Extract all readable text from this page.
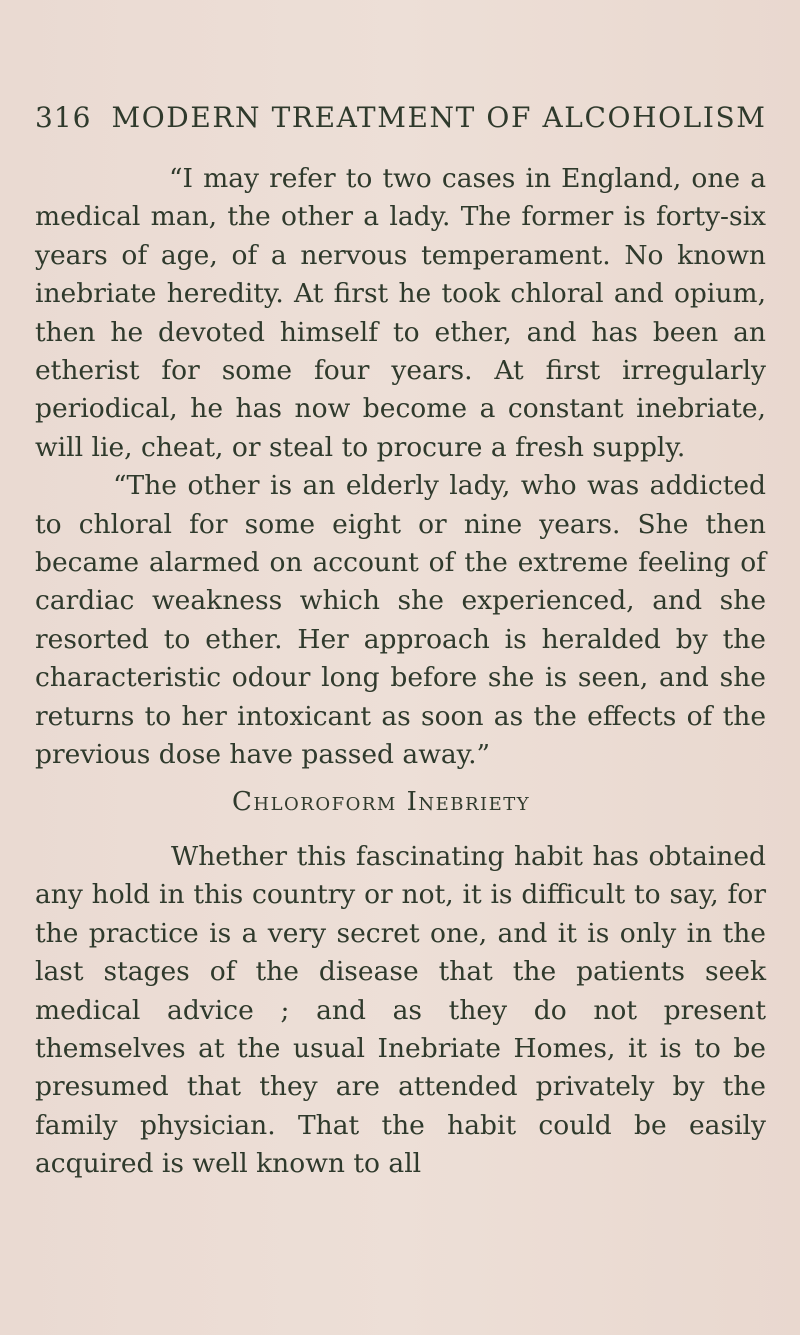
316 MODERN TREATMENT OF ALCOHOLISM

“I may refer to two cases in England, one a medical man, the other a lady. The former is forty-six years of age, of a nervous temperament. No known inebriate heredity. At first he took chloral and opium, then he devoted himself to ether, and has been an etherist for some four years. At first irregularly periodical, he has now become a constant inebriate, will lie, cheat, or steal to procure a fresh supply.

“The other is an elderly lady, who was addicted to chloral for some eight or nine years. She then became alarmed on account of the extreme feeling of cardiac weakness which she experienced, and she resorted to ether. Her approach is heralded by the characteristic odour long before she is seen, and she returns to her intoxicant as soon as the effects of the previous dose have passed away.”

Chloroform Inebriety

Whether this fascinating habit has obtained any hold in this country or not, it is difficult to say, for the practice is a very secret one, and it is only in the last stages of the disease that the patients seek medical advice ; and as they do not present themselves at the usual Inebriate Homes, it is to be presumed that they are attended privately by the family physician. That the habit could be easily acquired is well known to all
